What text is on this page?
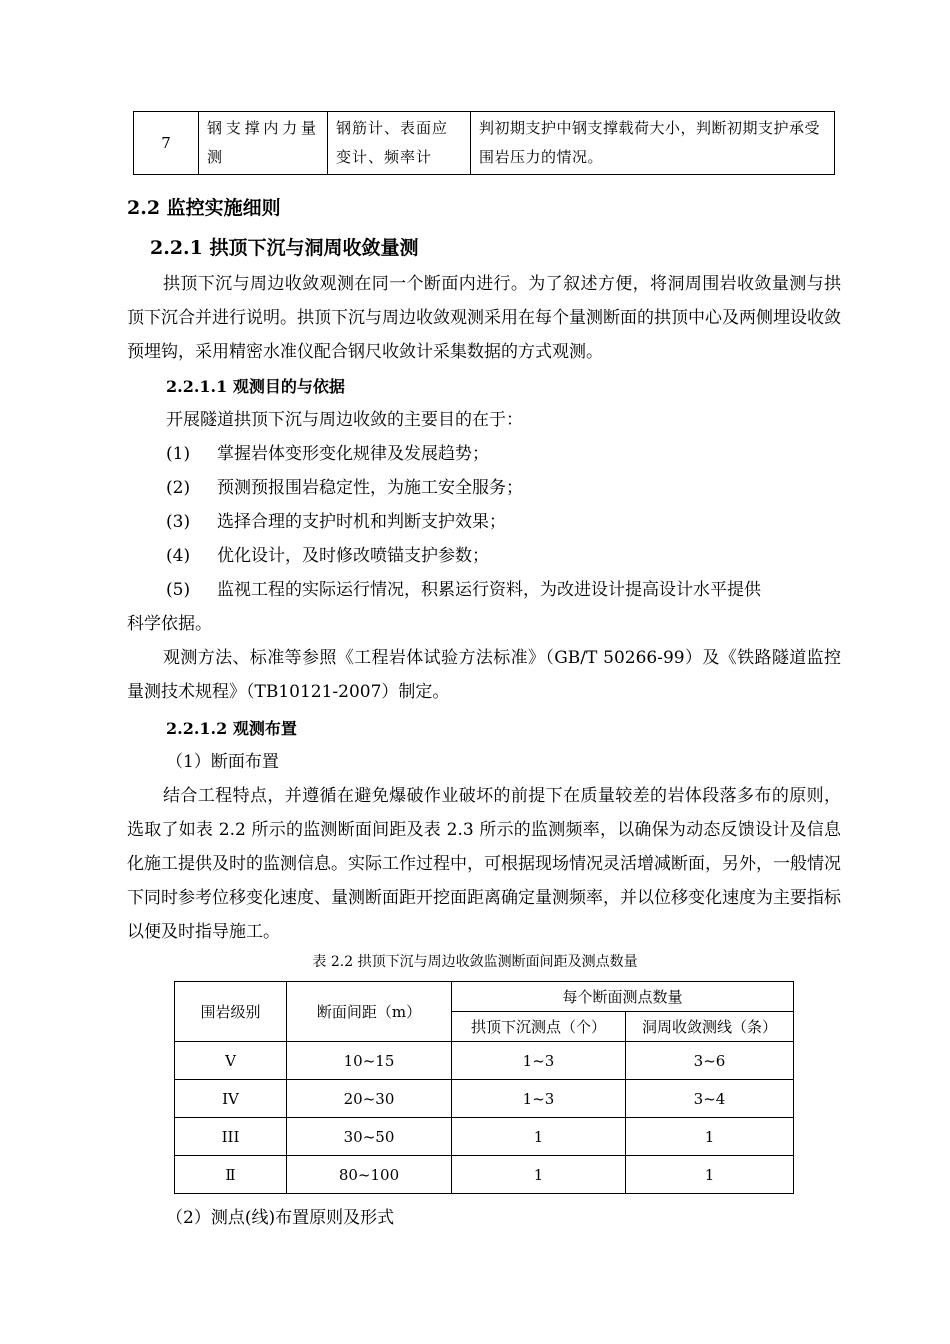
7	钢支撑内力量测	钢筋计、表面应变计、频率计	判初期支护中钢支撑载荷大小，判断初期支护承受围岩压力的情况。
2.2 监控实施细则
2.2.1 拱顶下沉与洞周收敛量测
拱顶下沉与周边收敛观测在同一个断面内进行。为了叙述方便，将洞周围岩收敛量测与拱顶下沉合并进行说明。拱顶下沉与周边收敛观测采用在每个量测断面的拱顶中心及两侧埋设收敛预埋钩，采用精密水准仪配合钢尺收敛计采集数据的方式观测。
2.2.1.1 观测目的与依据
开展隧道拱顶下沉与周边收敛的主要目的在于：
(1) 掌握岩体变形变化规律及发展趋势；
(2) 预测预报围岩稳定性，为施工安全服务；
(3) 选择合理的支护时机和判断支护效果；
(4) 优化设计，及时修改喷锚支护参数；
(5) 监视工程的实际运行情况，积累运行资料，为改进设计提高设计水平提供
科学依据。
观测方法、标准等参照《工程岩体试验方法标准》（GB/T 50266-99）及《铁路隧道监控量测技术规程》（TB10121-2007）制定。
2.2.1.2 观测布置
（1）断面布置
结合工程特点，并遵循在避免爆破作业破坏的前提下在质量较差的岩体段落多布的原则，选取了如表 2.2 所示的监测断面间距及表 2.3 所示的监测频率，以确保为动态反馈设计及信息化施工提供及时的监测信息。实际工作过程中，可根据现场情况灵活增减断面，另外，一般情况下同时参考位移变化速度、量测断面距开挖面距离确定量测频率，并以位移变化速度为主要指标以便及时指导施工。
表 2.2 拱顶下沉与周边收敛监测断面间距及测点数量
围岩级别	断面间距（m）	每个断面测点数量	
		拱顶下沉测点（个）	洞周收敛测线（条）
V	10~15	1~3	3~6
IV	20~30	1~3	3~4
III	30~50	1	1
Ⅱ	80~100	1	1
（2）测点(线)布置原则及形式
